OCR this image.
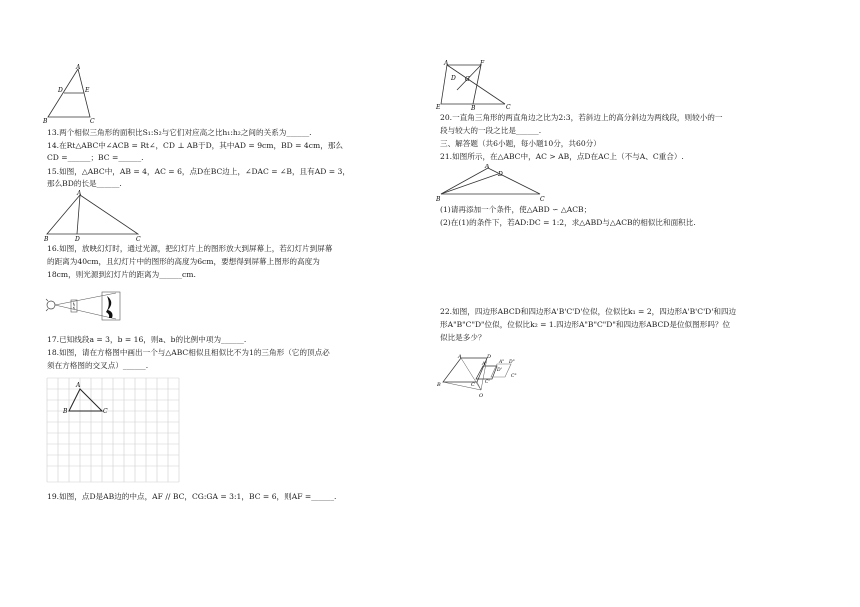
A
D	E
B	C
13.两个相似三角形的面积比S₁:S₂与它们对应高之比h₁:h₂之间的关系为______.
14.在Rt△ABC中∠ACB = Rt∠，CD ⊥ AB于D，其中AD = 9cm，BD = 4cm，那么
CD =______；BC =______.
15.如图，△ABC中，AB = 4，AC = 6，点D在BC边上，∠DAC = ∠B，且有AD = 3，
那么BD的长是______.
A
B	D	C
16.如图，放映幻灯时，通过光源，把幻灯片上的图形放大到屏幕上，若幻灯片到屏幕
的距离为40cm，且幻灯片中的图形的高度为6cm，要想得到屏幕上图形的高度为
18cm，则光源到幻灯片的距离为______cm.
17.已知线段a = 3，b = 16，则a、b的比例中项为______.
18.如图，请在方格图中画出一个与△ABC相似且相似比不为1的三角形（它的顶点必
须在方格图的交叉点）______.
A
B	C
19.如图，点D是AB边的中点，AF // BC，CG:GA = 3:1，BC = 6，则AF =______.
A	F
D G
E	B	C
20.一直角三角形的两直角边之比为2:3，若斜边上的高分斜边为两线段，则较小的一
段与较大的一段之比是______.
三、解答题（共6小题，每小题10分，共60分）
21.如图所示，在△ABC中，AC > AB，点D在AC上（不与A、C重合）.
A
D
B	C
(1)请再添加一个条件，使△ABD ∽ △ACB；
(2)在(1)的条件下，若AD:DC = 1:2，求△ABD与△ACB的相似比和面积比.
22.如图，四边形ABCD和四边形A'B'C'D'位似，位似比k₁ = 2，四边形A'B'C'D'和四边
形A"B"C"D"位似，位似比k₂ = 1.四边形A"B"C"D"和四边形ABCD是位似图形吗？位
似比是多少？
A	D
B	C
O
A" D"
A'
D'
C'
C"
